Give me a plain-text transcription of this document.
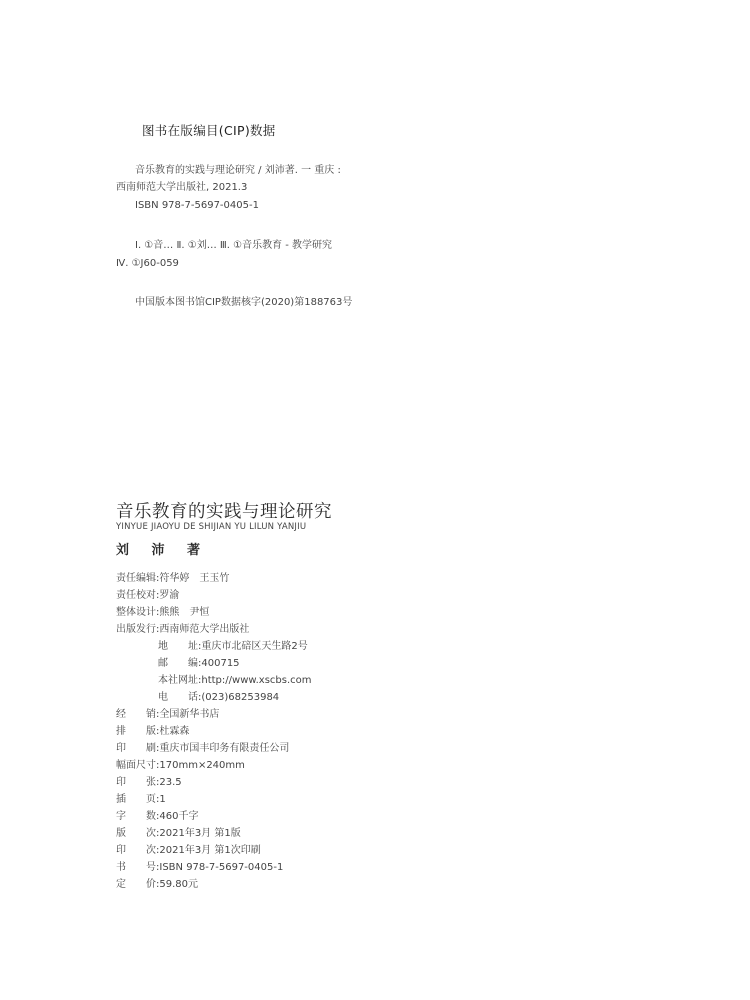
图书在版编目(CIP)数据
音乐教育的实践与理论研究 / 刘沛著. 一 重庆 :
西南师范大学出版社, 2021.3
ISBN 978-7-5697-0405-1
Ⅰ. ①音… Ⅱ. ①刘… Ⅲ. ①音乐教育 - 教学研究
Ⅳ. ①J60-059
中国版本图书馆CIP数据核字(2020)第188763号
音乐教育的实践与理论研究
YINYUE JIAOYU DE SHIJIAN YU LILUN YANJIU
刘 沛 著
责任编辑:符华婷　王玉竹
责任校对:罗渝
整体设计:熊熊　尹恒
出版发行:西南师范大学出版社
地　　址:重庆市北碚区天生路2号
邮　　编:400715
本社网址:http://www.xscbs.com
电　　话:(023)68253984
经　　销:全国新华书店
排　　版:杜霖森
印　　刷:重庆市国丰印务有限责任公司
幅面尺寸:170mm×240mm
印　　张:23.5
插　　页:1
字　　数:460千字
版　　次:2021年3月 第1版
印　　次:2021年3月 第1次印刷
书　　号:ISBN 978-7-5697-0405-1
定　　价:59.80元
